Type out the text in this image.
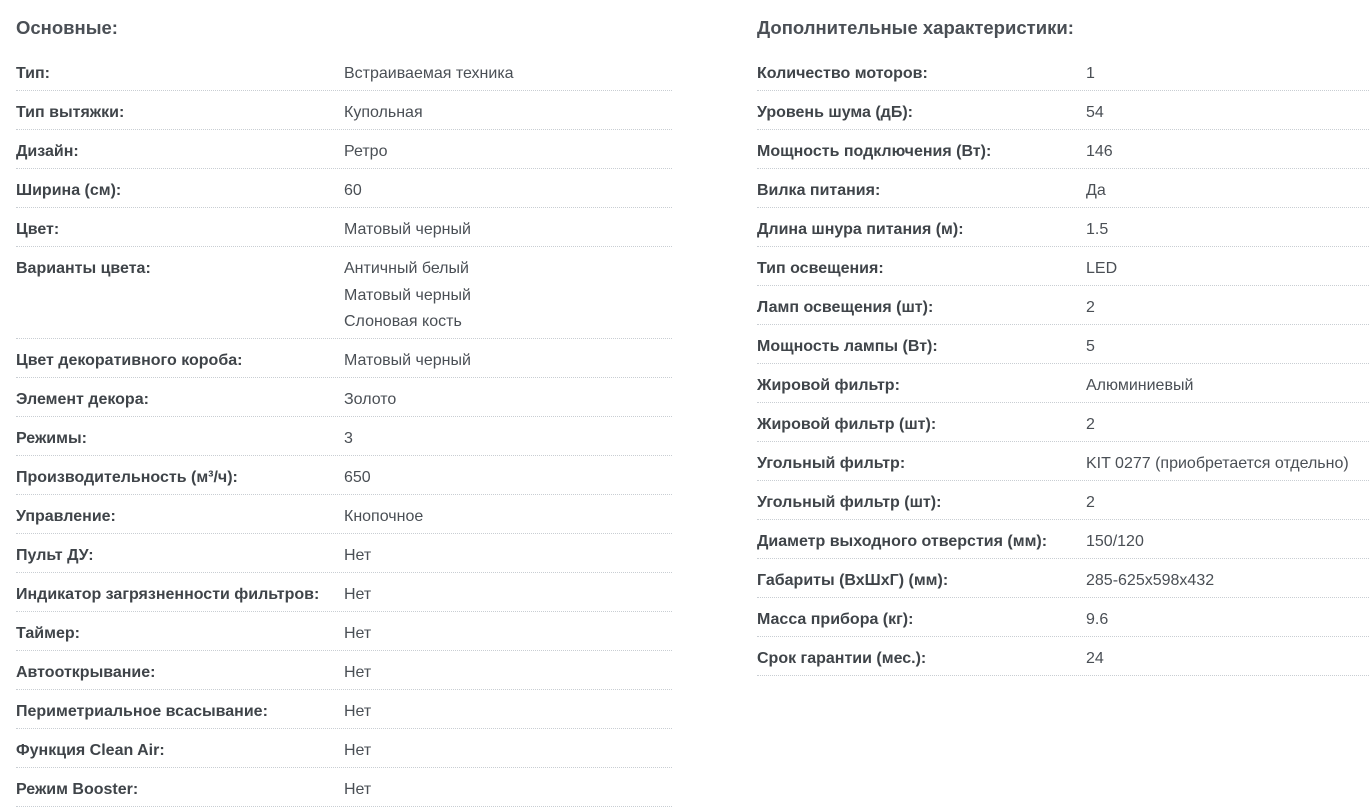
Основные:
Тип:	Встраиваемая техника
Тип вытяжки:	Купольная
Дизайн:	Ретро
Ширина (см):	60
Цвет:	Матовый черный
Варианты цвета:	Античный белый
Матовый черный
Слоновая кость
Цвет декоративного короба:	Матовый черный
Элемент декора:	Золото
Режимы:	3
Производительность (м³/ч):	650
Управление:	Кнопочное
Пульт ДУ:	Нет
Индикатор загрязненности фильтров:	Нет
Таймер:	Нет
Автооткрывание:	Нет
Периметриальное всасывание:	Нет
Функция Clean Air:	Нет
Режим Booster:	Нет
Дополнительные характеристики:
Количество моторов:	1
Уровень шума (дБ):	54
Мощность подключения (Вт):	146
Вилка питания:	Да
Длина шнура питания (м):	1.5
Тип освещения:	LED
Ламп освещения (шт):	2
Мощность лампы (Вт):	5
Жировой фильтр:	Алюминиевый
Жировой фильтр (шт):	2
Угольный фильтр:	KIT 0277 (приобретается отдельно)
Угольный фильтр (шт):	2
Диаметр выходного отверстия (мм):	150/120
Габариты (ВхШхГ) (мм):	285-625x598x432
Масса прибора (кг):	9.6
Срок гарантии (мес.):	24
